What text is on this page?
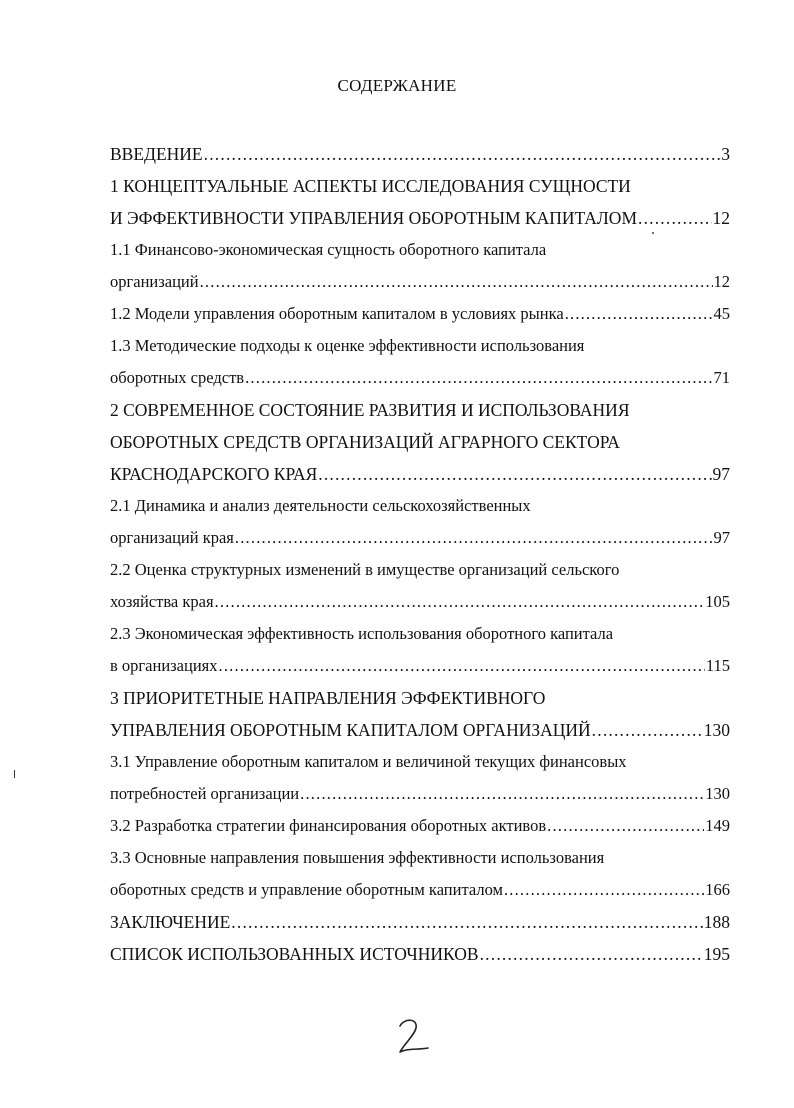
СОДЕРЖАНИЕ
ВВЕДЕНИЕ .....	3
1 КОНЦЕПТУАЛЬНЫЕ АСПЕКТЫ ИССЛЕДОВАНИЯ СУЩНОСТИ
И ЭФФЕКТИВНОСТИ УПРАВЛЕНИЯ ОБОРОТНЫМ КАПИТАЛОМ .....	12
1.1 Финансово-экономическая сущность оборотного капитала
организаций .....	12
1.2 Модели управления оборотным капиталом в условиях рынка .....	45
1.3 Методические подходы к оценке эффективности использования
оборотных средств .....	71
2 СОВРЕМЕННОЕ СОСТОЯНИЕ РАЗВИТИЯ И ИСПОЛЬЗОВАНИЯ
ОБОРОТНЫХ СРЕДСТВ ОРГАНИЗАЦИЙ АГРАРНОГО СЕКТОРА
КРАСНОДАРСКОГО КРАЯ .....	97
2.1 Динамика и анализ деятельности сельскохозяйственных
организаций края .....	97
2.2 Оценка структурных изменений в имуществе организаций сельского
хозяйства края .....	105
2.3 Экономическая эффективность использования оборотного капитала
в организациях .....	115
3 ПРИОРИТЕТНЫЕ НАПРАВЛЕНИЯ ЭФФЕКТИВНОГО
УПРАВЛЕНИЯ ОБОРОТНЫМ КАПИТАЛОМ ОРГАНИЗАЦИЙ .....	130
3.1 Управление оборотным капиталом и величиной текущих финансовых
потребностей организации .....	130
3.2 Разработка стратегии финансирования оборотных активов .....	149
3.3 Основные направления повышения эффективности использования
оборотных средств и управление оборотным капиталом .....	166
ЗАКЛЮЧЕНИЕ .....	188
СПИСОК ИСПОЛЬЗОВАННЫХ ИСТОЧНИКОВ .....	195
